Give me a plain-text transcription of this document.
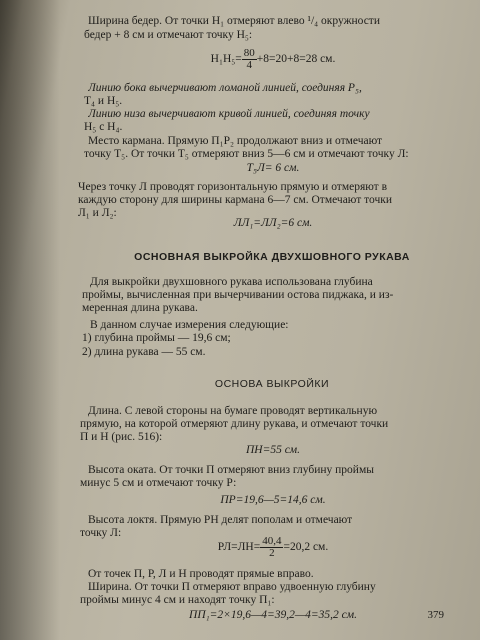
Ширина бедер. От точки Н₁ отмеряют влево ¹/₄ окружности
бедер + 8 см и отмечают точку Н₅:
$Н_1Н_5= \frac{80}{4} +8=20+8=28$ см.
Линию бока вычерчивают ломаной линией, соединяя Р₅,
Т₄ и Н₅.
Линию низа вычерчивают кривой линией, соединяя точку
Н₅ с Н₄.
Место кармана. Прямую П₁Р₂ продолжают вниз и отмечают
точку Т₅. От точки Т₅ отмеряют вниз 5—6 см и отмечают точку Л:
Т₅Л= 6 см.
Через точку Л проводят горизонтальную прямую и отмеряют в
каждую сторону для ширины кармана 6—7 см. Отмечают точки
Л₁ и Л₂:
ЛЛ₁=ЛЛ₂=6 см.
ОСНОВНАЯ ВЫКРОЙКА ДВУХШОВНОГО РУКАВА
Для выкройки двухшовного рукава использована глубина
проймы, вычисленная при вычерчивании остова пиджака, и из-
меренная длина рукава.
В данном случае измерения следующие:
1) глубина проймы — 19,6 см;
2) длина рукава — 55 см.
ОСНОВА ВЫКРОЙКИ
Длина. С левой стороны на бумаге проводят вертикальную
прямую, на которой отмеряют длину рукава, и отмечают точки
П и Н (рис. 516):
ПН=55 см.
Высота оката. От точки П отмеряют вниз глубину проймы
минус 5 см и отмечают точку Р:
ПР=19,6—5=14,6 см.
Высота локтя. Прямую РН делят пополам и отмечают
точку Л:
$РЛ=ЛН= \frac{40,4}{2} =20,2$ см.
От точек П, Р, Л и Н проводят прямые вправо.
Ширина. От точки П отмеряют вправо удвоенную глубину
проймы минус 4 см и находят точку П₁:
ПП₁=2×19,6—4=39,2—4=35,2 см.	379
